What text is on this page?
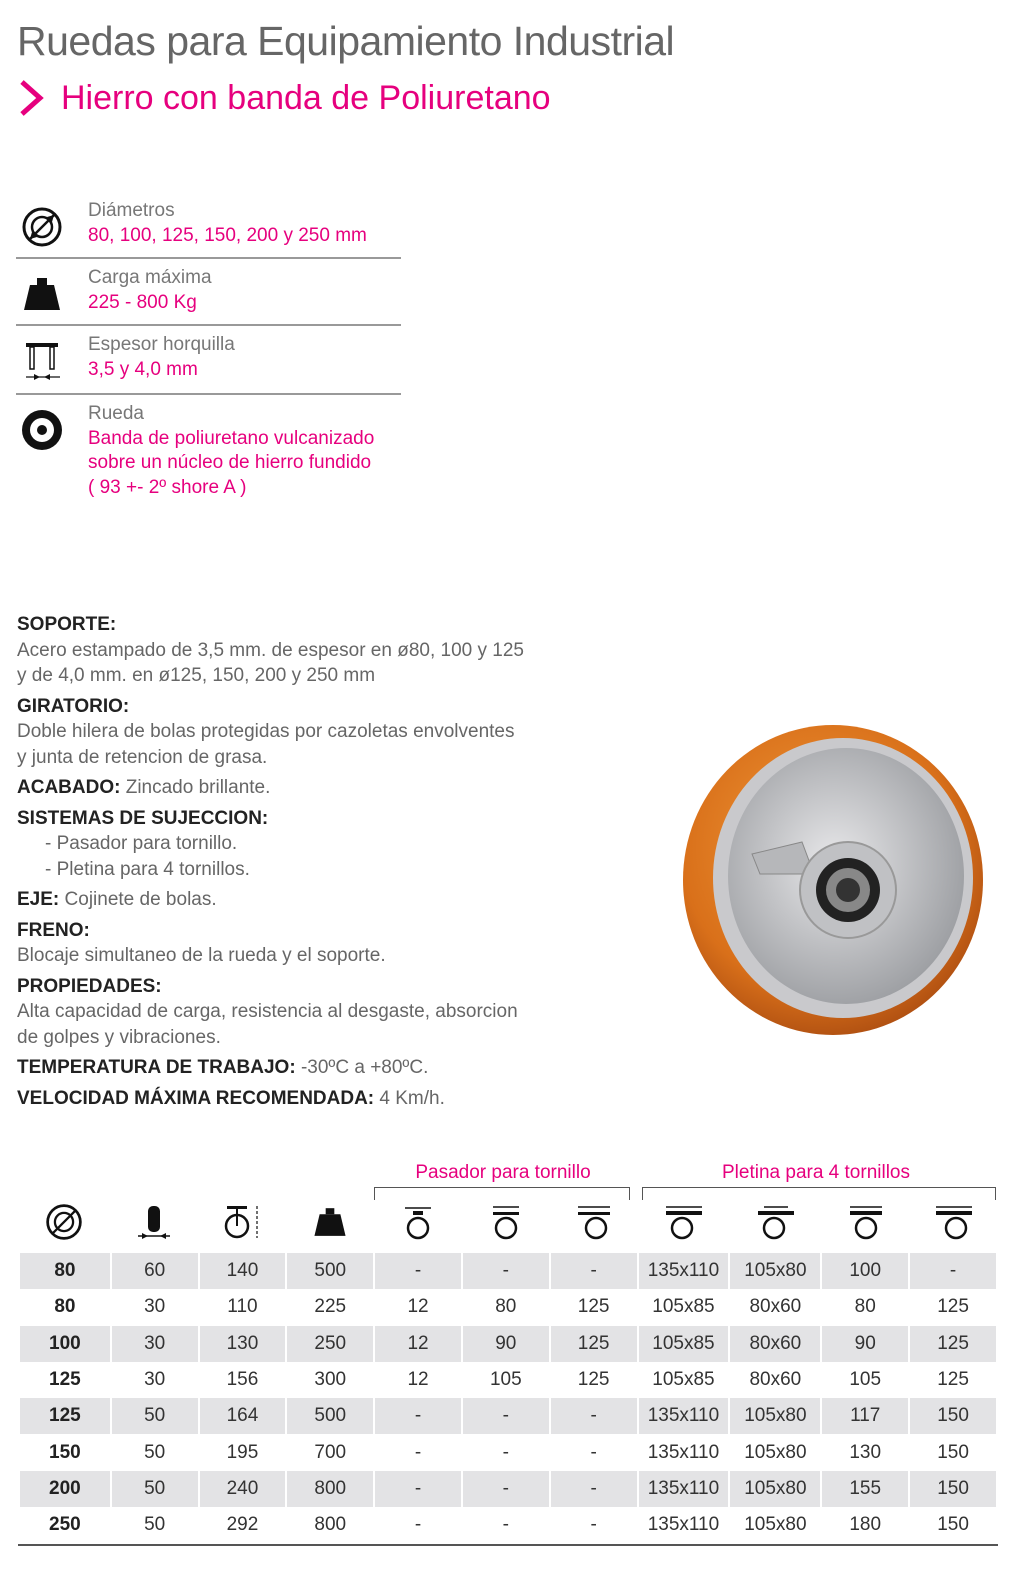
Ruedas para Equipamiento Industrial
Hierro con banda de Poliuretano
Diámetros
80, 100, 125, 150, 200 y 250 mm
Carga máxima
225 - 800 Kg
Espesor horquilla
3,5 y 4,0 mm
Rueda
Banda de poliuretano vulcanizado
sobre un núcleo de hierro fundido
( 93 +- 2º shore A )

SOPORTE:

Acero estampado de 3,5 mm. de espesor en ø80, 100 y 125
y de 4,0 mm. en ø125, 150, 200 y 250 mm

GIRATORIO:

Doble hilera de bolas protegidas por cazoletas envolventes
y junta de retencion de grasa.

ACABADO: Zincado brillante.

SISTEMAS DE SUJECCION:

- Pasador para tornillo.
- Pletina para 4 tornillos.

EJE: Cojinete de bolas.

FRENO:

Blocaje simultaneo de la rueda y el soporte.

PROPIEDADES:

Alta capacidad de carga, resistencia al desgaste, absorcion
de golpes y vibraciones.

TEMPERATURA DE TRABAJO: -30ºC a +80ºC.

VELOCIDAD MÁXIMA RECOMENDADA: 4 Km/h.

Pasador para tornillo	Pletina para 4 tornillos
80	60	140	500	-	-	-	135x110	105x80	100	-
80	30	110	225	12	80	125	105x85	80x60	80	125
100	30	130	250	12	90	125	105x85	80x60	90	125
125	30	156	300	12	105	125	105x85	80x60	105	125
125	50	164	500	-	-	-	135x110	105x80	117	150
150	50	195	700	-	-	-	135x110	105x80	130	150
200	50	240	800	-	-	-	135x110	105x80	155	150
250	50	292	800	-	-	-	135x110	105x80	180	150
